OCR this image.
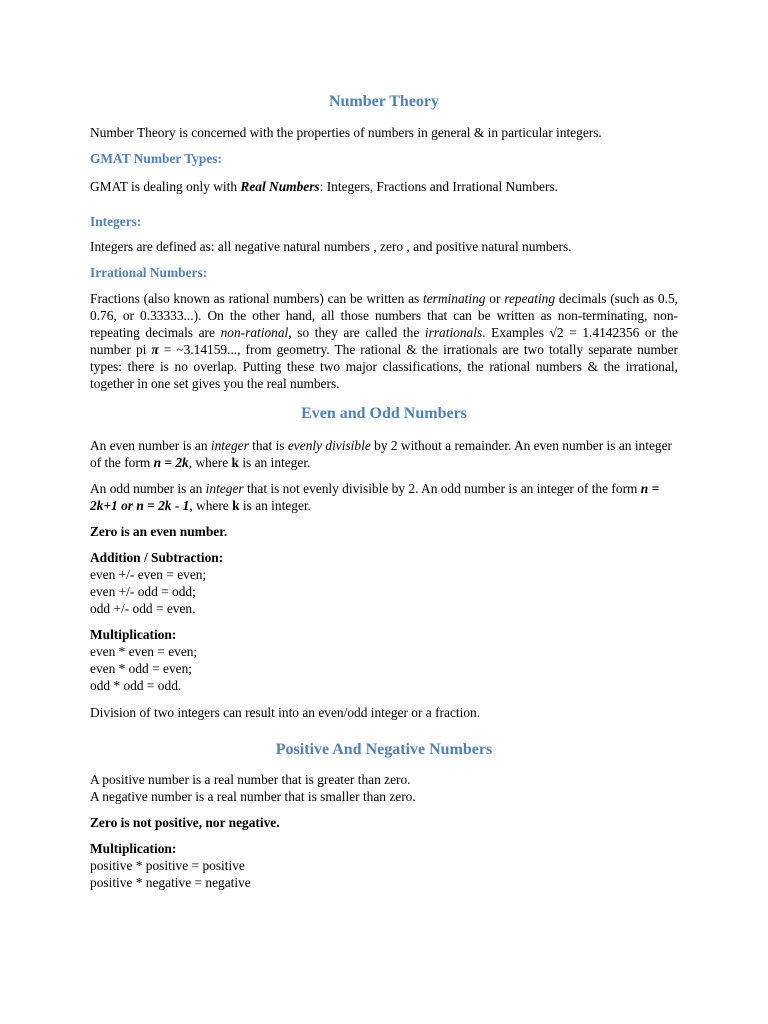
Number Theory

Number Theory is concerned with the properties of numbers in general & in particular integers.

GMAT Number Types:

GMAT is dealing only with Real Numbers: Integers, Fractions and Irrational Numbers.

Integers:

Integers are defined as: all negative natural numbers , zero , and positive natural numbers.

Irrational Numbers:

Fractions (also known as rational numbers) can be written as terminating or repeating decimals (such as 0.5, 0.76, or 0.33333...). On the other hand, all those numbers that can be written as non-terminating, non-repeating decimals are non-rational, so they are called the irrationals. Examples √2 = 1.4142356 or the number pi π = ~3.14159..., from geometry. The rational & the irrationals are two totally separate number types: there is no overlap. Putting these two major classifications, the rational numbers & the irrational, together in one set gives you the real numbers.

Even and Odd Numbers

An even number is an integer that is evenly divisible by 2 without a remainder. An even number is an integer of the form n = 2k, where k is an integer.

An odd number is an integer that is not evenly divisible by 2. An odd number is an integer of the form n = 2k+1 or n = 2k - 1, where k is an integer.

Zero is an even number.

Addition / Subtraction:

even +/- even = even;

even +/- odd = odd;

odd +/- odd = even.

Multiplication:

even * even = even;

even * odd = even;

odd * odd = odd.

Division of two integers can result into an even/odd integer or a fraction.

Positive And Negative Numbers

A positive number is a real number that is greater than zero.

A negative number is a real number that is smaller than zero.

Zero is not positive, nor negative.

Multiplication:

positive * positive = positive

positive * negative = negative
